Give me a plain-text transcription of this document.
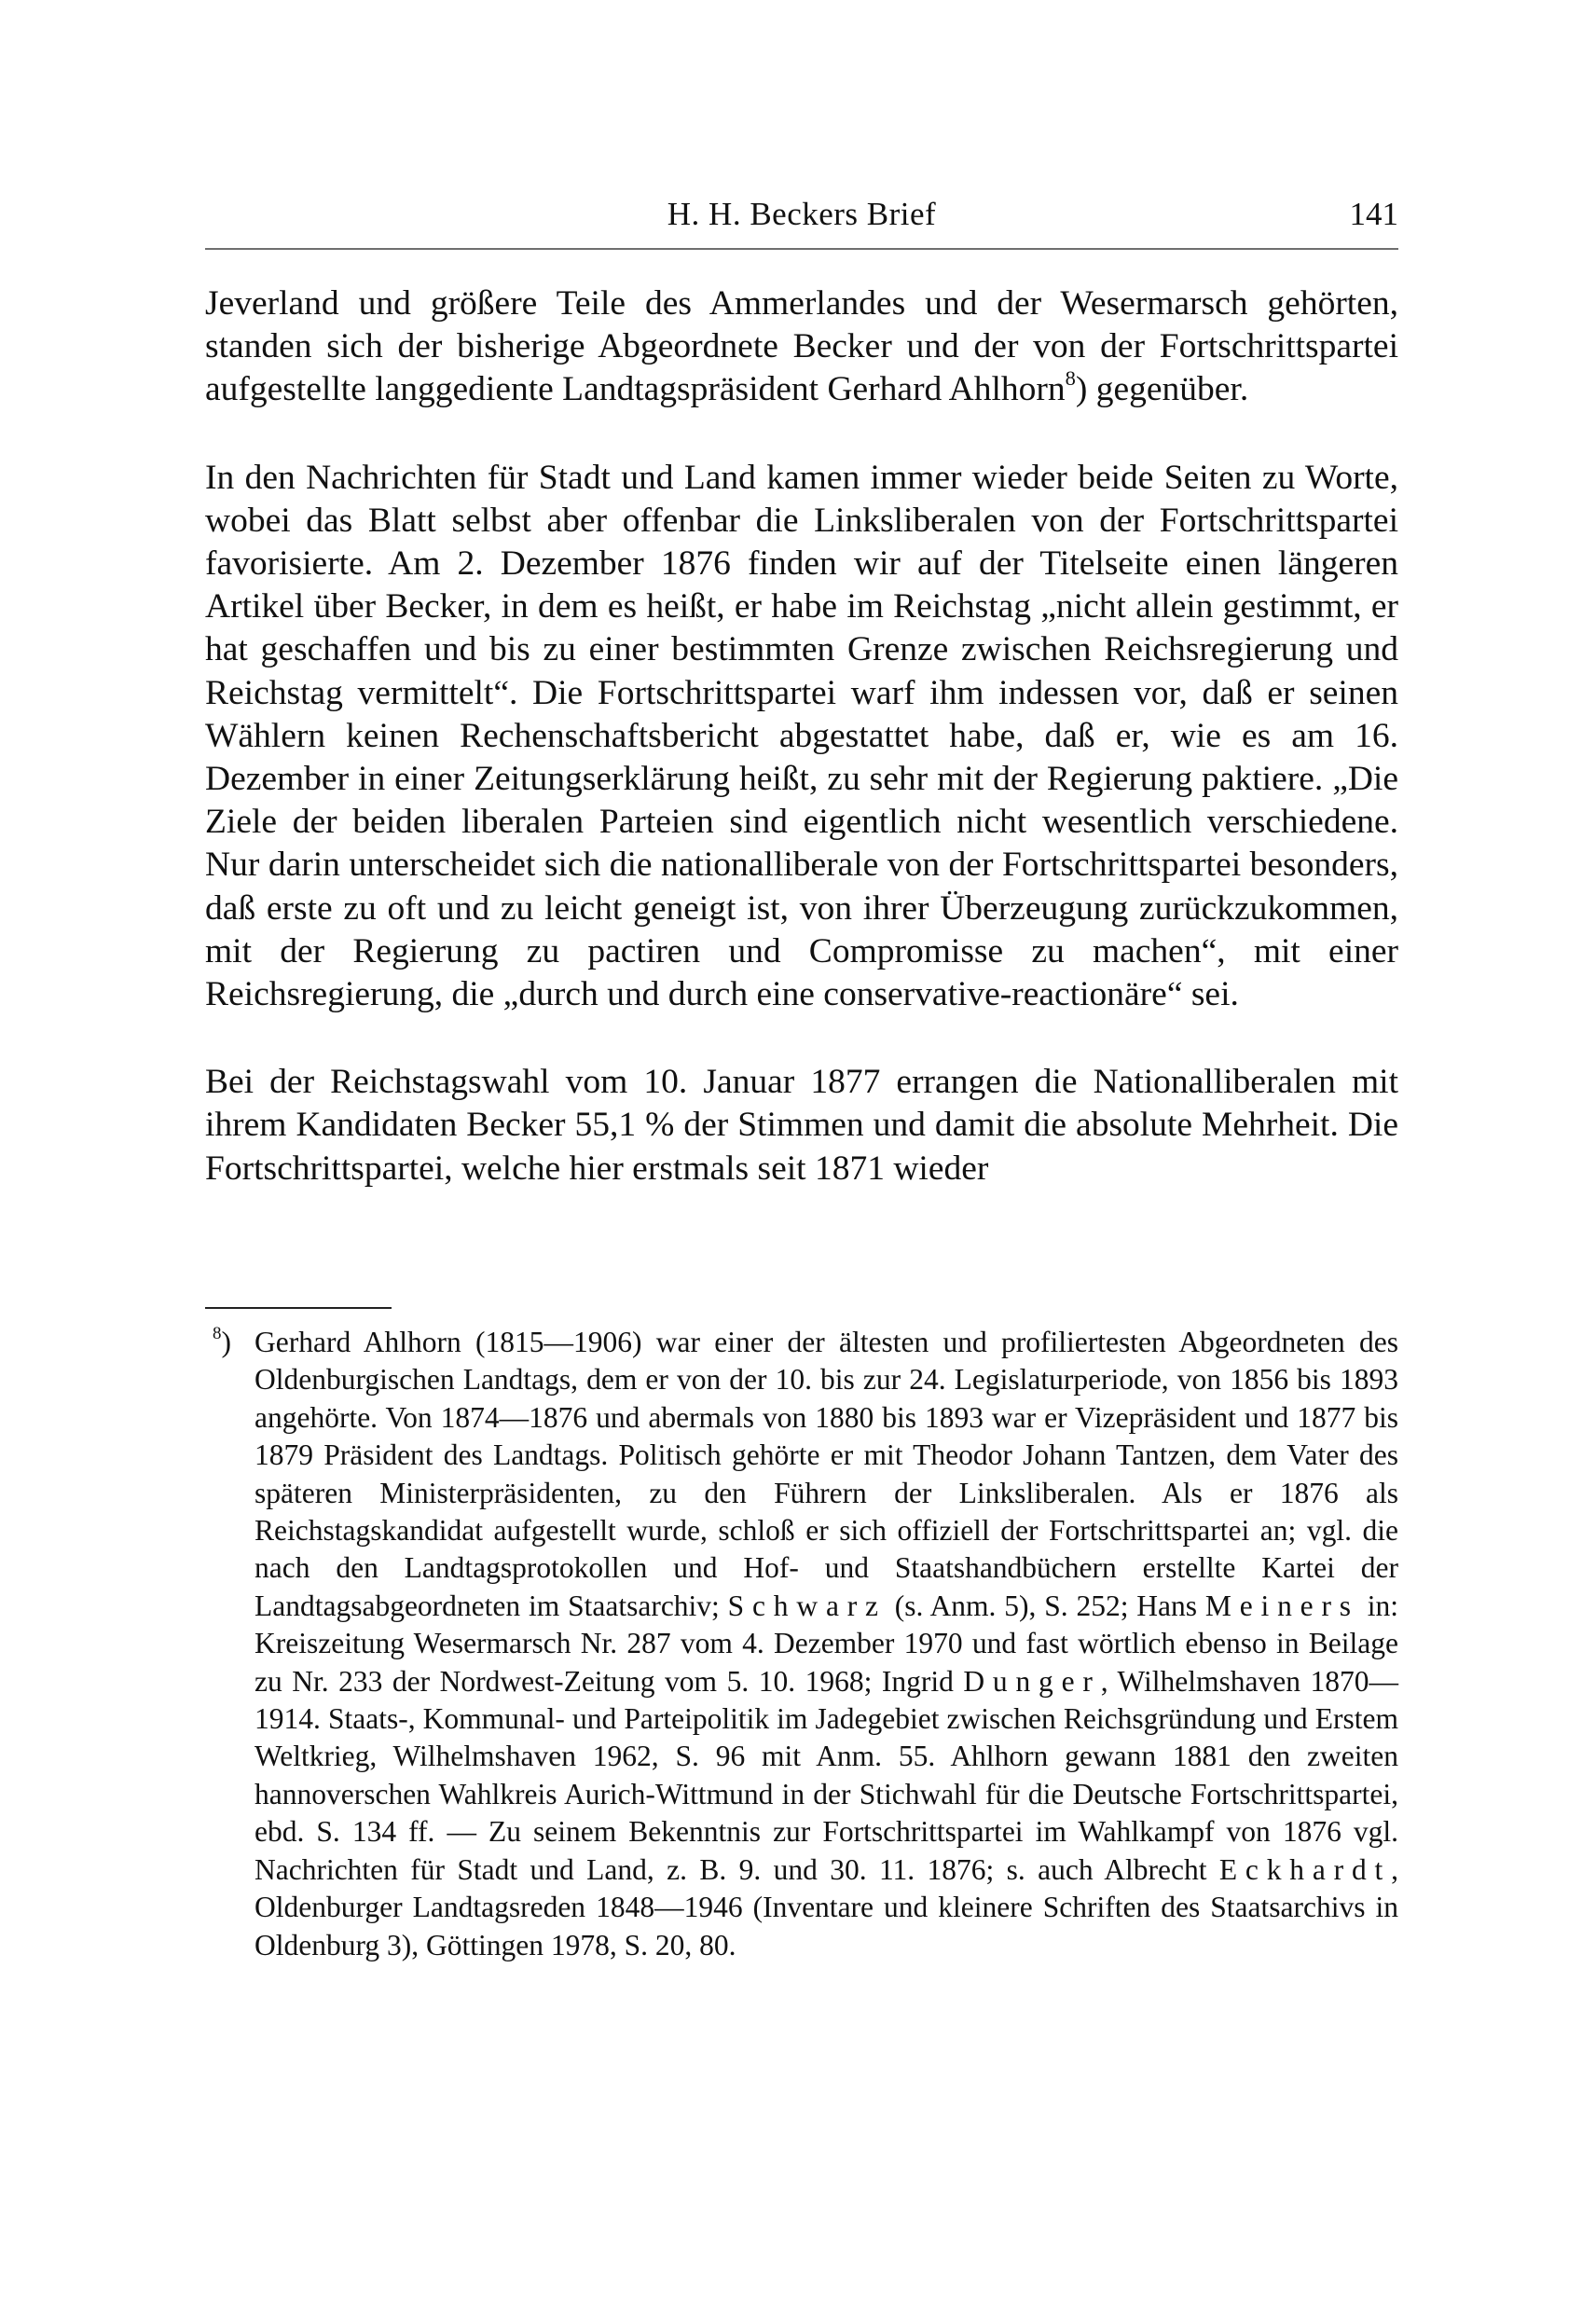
H. H. Beckers Brief	141

Jeverland und größere Teile des Ammerlandes und der Wesermarsch gehörten, standen sich der bisherige Abgeordnete Becker und der von der Fortschrittspartei aufgestellte langgediente Landtagspräsident Gerhard Ahlhorn$^8$) gegenüber.

In den Nachrichten für Stadt und Land kamen immer wieder beide Seiten zu Worte, wobei das Blatt selbst aber offenbar die Linksliberalen von der Fortschrittspartei favorisierte. Am 2. Dezember 1876 finden wir auf der Titelseite einen längeren Artikel über Becker, in dem es heißt, er habe im Reichstag „nicht allein gestimmt, er hat geschaffen und bis zu einer bestimmten Grenze zwischen Reichsregierung und Reichstag vermittelt“. Die Fortschrittspartei warf ihm indessen vor, daß er seinen Wählern keinen Rechenschaftsbericht abgestattet habe, daß er, wie es am 16. Dezember in einer Zeitungserklärung heißt, zu sehr mit der Regierung paktiere. „Die Ziele der beiden liberalen Parteien sind eigentlich nicht wesentlich verschiedene. Nur darin unterscheidet sich die nationalliberale von der Fortschrittspartei besonders, daß erste zu oft und zu leicht geneigt ist, von ihrer Überzeugung zurückzukommen, mit der Regierung zu pactiren und Compromisse zu machen“, mit einer Reichsregierung, die „durch und durch eine conservative-reactionäre“ sei.

Bei der Reichstagswahl vom 10. Januar 1877 errangen die Nationalliberalen mit ihrem Kandidaten Becker 55,1 % der Stimmen und damit die absolute Mehrheit. Die Fortschrittspartei, welche hier erstmals seit 1871 wieder

$^8$) Gerhard Ahlhorn (1815—1906) war einer der ältesten und profiliertesten Abgeordneten des Oldenburgischen Landtags, dem er von der 10. bis zur 24. Legislaturperiode, von 1856 bis 1893 angehörte. Von 1874—1876 und abermals von 1880 bis 1893 war er Vizepräsident und 1877 bis 1879 Präsident des Landtags. Politisch gehörte er mit Theodor Johann Tantzen, dem Vater des späteren Ministerpräsidenten, zu den Führern der Linksliberalen. Als er 1876 als Reichstagskandidat aufgestellt wurde, schloß er sich offiziell der Fortschrittspartei an; vgl. die nach den Landtagsprotokollen und Hof- und Staatshandbüchern erstellte Kartei der Landtagsabgeordneten im Staatsarchiv; Schwarz (s. Anm. 5), S. 252; Hans Meiners in: Kreiszeitung Wesermarsch Nr. 287 vom 4. Dezember 1970 und fast wörtlich ebenso in Beilage zu Nr. 233 der Nordwest-Zeitung vom 5. 10. 1968; Ingrid Dunger, Wilhelmshaven 1870—1914. Staats-, Kommunal- und Parteipolitik im Jadegebiet zwischen Reichsgründung und Erstem Weltkrieg, Wilhelmshaven 1962, S. 96 mit Anm. 55. Ahlhorn gewann 1881 den zweiten hannoverschen Wahlkreis Aurich-Wittmund in der Stichwahl für die Deutsche Fortschrittspartei, ebd. S. 134 ff. — Zu seinem Bekenntnis zur Fortschrittspartei im Wahlkampf von 1876 vgl. Nachrichten für Stadt und Land, z. B. 9. und 30. 11. 1876; s. auch Albrecht Eckhardt, Oldenburger Landtagsreden 1848—1946 (Inventare und kleinere Schriften des Staatsarchivs in Oldenburg 3), Göttingen 1978, S. 20, 80.
